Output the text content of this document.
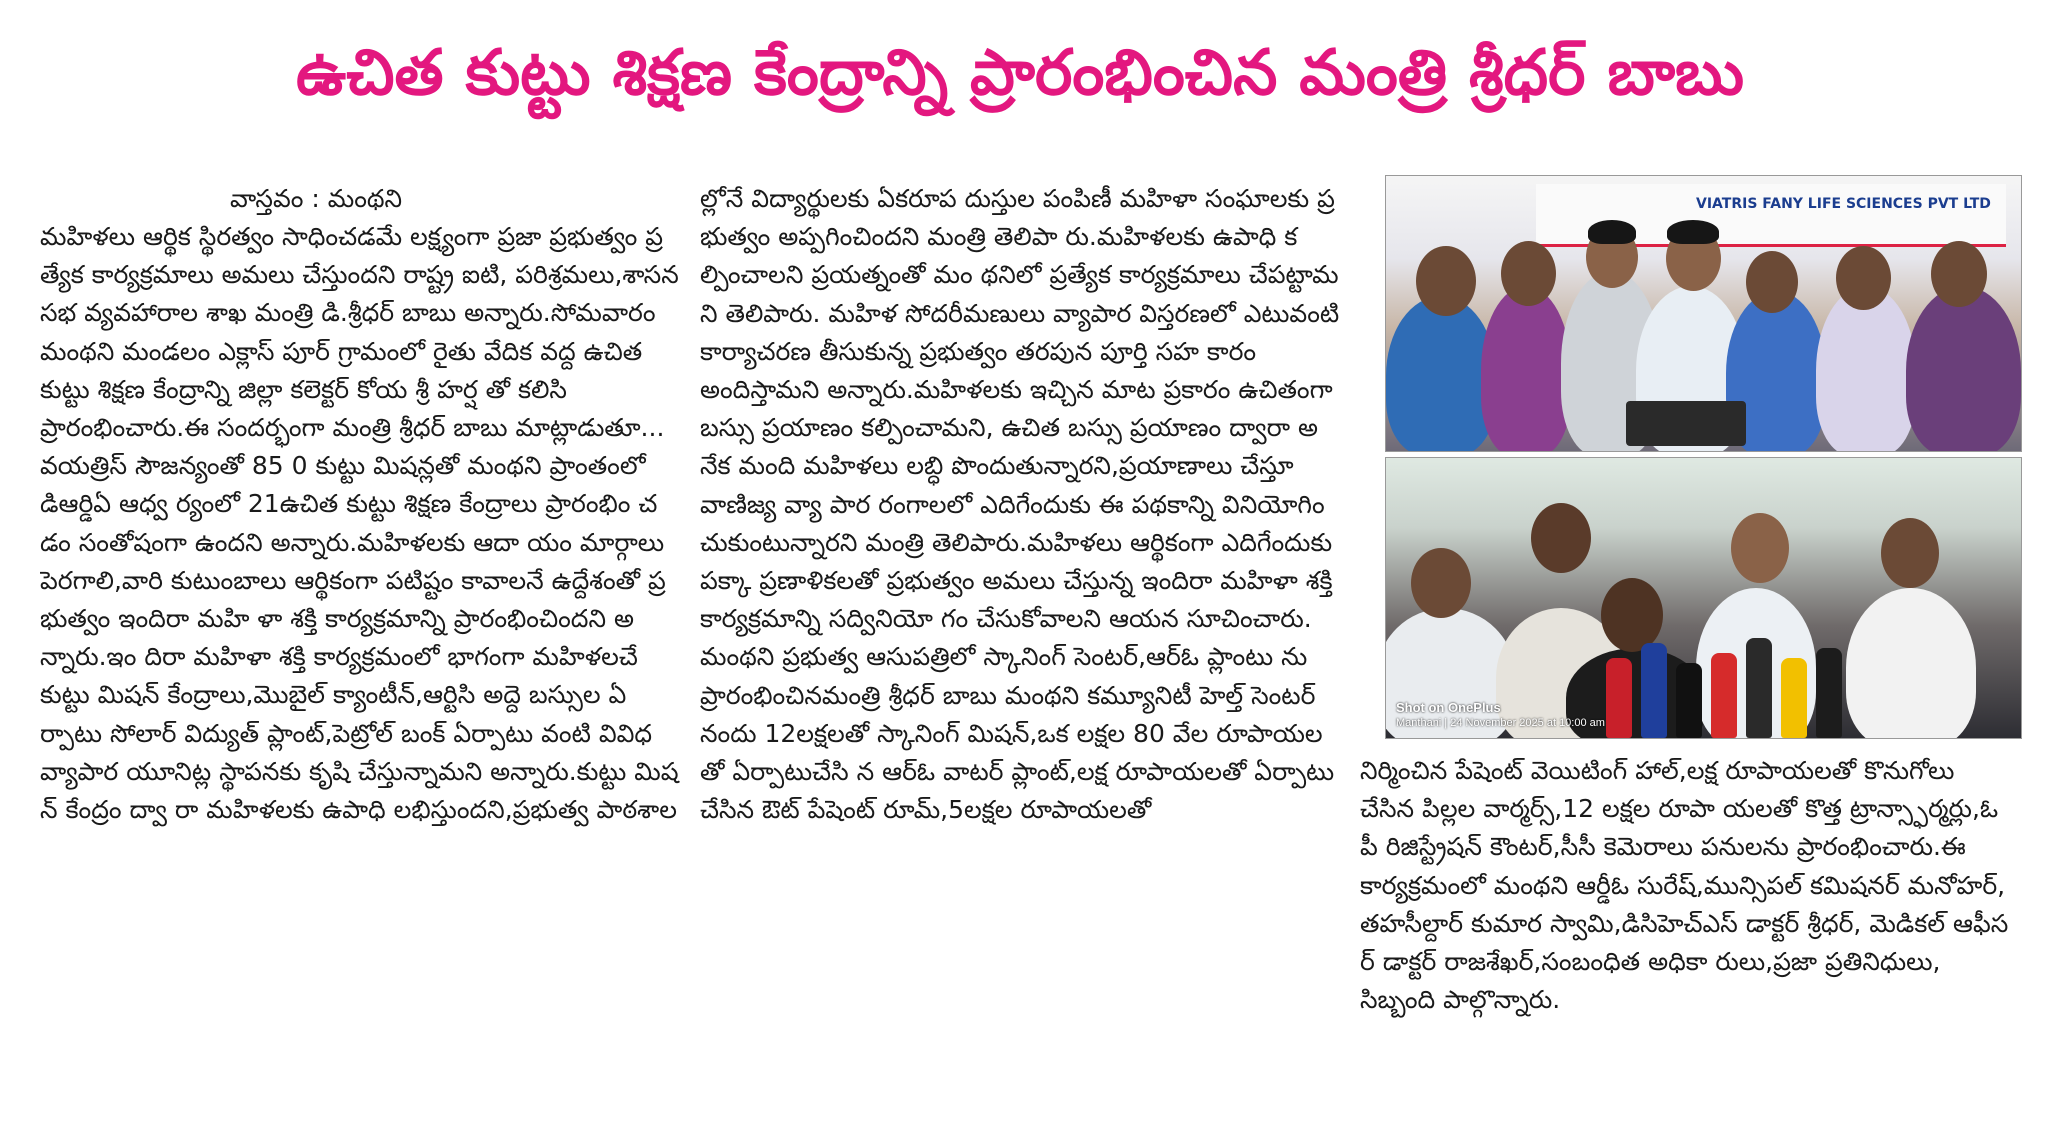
ఉచిత కుట్టు శిక్షణ కేంద్రాన్ని ప్రారంభించిన మంత్రి శ్రీధర్ బాబు
వాస్తవం : మంథని

మహిళలు ఆర్థిక స్థిరత్వం సాధించడమే లక్ష్యంగా ప్రజా ప్రభుత్వం ప్రత్యేక కార్యక్రమాలు అమలు చేస్తుందని రాష్ట్ర ఐటి, పరిశ్రమలు,శాసన సభ వ్యవహారాల శాఖ మంత్రి డి.శ్రీధర్ బాబు అన్నారు.సోమవారం మంథని మండలం ఎక్లాస్ పూర్ గ్రామంలో రైతు వేదిక వద్ద ఉచిత కుట్టు శిక్షణ కేంద్రాన్ని జిల్లా కలెక్టర్ కోయ శ్రీ హర్ష తో కలిసి ప్రారంభించారు.ఈ సందర్భంగా మంత్రి శ్రీధర్ బాబు మాట్లాడుతూ...వయత్రిస్ సౌజన్యంతో 85 0 కుట్టు మిషన్లతో మంథని ప్రాంతంలో డిఆర్డిఏ ఆధ్వ ర్యంలో 21ఉచిత కుట్టు శిక్షణ కేంద్రాలు ప్రారంభిం చడం సంతోషంగా ఉందని అన్నారు.మహిళలకు ఆదా యం మార్గాలు పెరగాలి,వారి కుటుంబాలు ఆర్థికంగా పటిష్టం కావాలనే ఉద్దేశంతో ప్రభుత్వం ఇందిరా మహి ళా శక్తి కార్యక్రమాన్ని ప్రారంభించిందని అన్నారు.ఇం దిరా మహిళా శక్తి కార్యక్రమంలో భాగంగా మహిళలచే కుట్టు మిషన్ కేంద్రాలు,మొబైల్ క్యాంటీన్,ఆర్టిసి అద్దె బస్సుల ఏర్పాటు సోలార్ విద్యుత్ ప్లాంట్,పెట్రోల్ బంక్ ఏర్పాటు వంటి వివిధ వ్యాపార యూనిట్ల స్థాపనకు కృషి చేస్తున్నామని అన్నారు.కుట్టు మిషన్ కేంద్రం ద్వా రా మహిళలకు ఉపాధి లభిస్తుందని,ప్రభుత్వ పాఠశాల

ల్లోనే విద్యార్థులకు ఏకరూప దుస్తుల పంపిణీ మహిళా సంఘాలకు ప్రభుత్వం అప్పగించిందని మంత్రి తెలిపా రు.మహిళలకు ఉపాధి కల్పించాలని ప్రయత్నంతో మం థనిలో ప్రత్యేక కార్యక్రమాలు చేపట్టామని తెలిపారు. మహిళ సోదరీమణులు వ్యాపార విస్తరణలో ఎటువంటి కార్యాచరణ తీసుకున్న ప్రభుత్వం తరపున పూర్తి సహ కారం అందిస్తామని అన్నారు.మహిళలకు ఇచ్చిన మాట ప్రకారం ఉచితంగా బస్సు ప్రయాణం కల్పించామని, ఉచిత బస్సు ప్రయాణం ద్వారా అనేక మంది మహిళలు లబ్ధి పొందుతున్నారని,ప్రయాణాలు చేస్తూ వాణిజ్య వ్యా పార రంగాలలో ఎదిగేందుకు ఈ పథకాన్ని వినియోగిం చుకుంటున్నారని మంత్రి తెలిపారు.మహిళలు ఆర్థికంగా ఎదిగేందుకు పక్కా ప్రణాళికలతో ప్రభుత్వం అమలు చేస్తున్న ఇందిరా మహిళా శక్తి కార్యక్రమాన్ని సద్వినియో గం చేసుకోవాలని ఆయన సూచించారు.మంథని ప్రభుత్వ ఆసుపత్రిలో స్కానింగ్ సెంటర్,ఆర్ఓ ప్లాంటు ను ప్రారంభించినమంత్రి శ్రీధర్ బాబు మంథని కమ్యూనిటీ హెల్త్ సెంటర్ నందు 12లక్షలతో స్కానింగ్ మిషన్,ఒక లక్షల 80 వేల రూపాయలతో ఏర్పాటుచేసి న ఆర్ఓ వాటర్ ప్లాంట్,లక్ష రూపాయలతో ఏర్పాటు చేసిన ఔట్ పేషెంట్ రూమ్,5లక్షల రూపాయలతో

నిర్మించిన పేషెంట్ వెయిటింగ్ హాల్,లక్ష రూపాయలతో కొనుగోలు చేసిన పిల్లల వార్మర్స్,12 లక్షల రూపా యలతో కొత్త ట్రాన్స్ఫార్మర్లు,ఓపీ రిజిస్ట్రేషన్ కౌంటర్,సీసీ కెమెరాలు పనులను ప్రారంభించారు.ఈ కార్యక్రమంలో మంథని ఆర్డీఓ సురేష్,మున్సిపల్ కమిషనర్ మనోహర్, తహసీల్దార్ కుమార స్వామి,డిసిహెచ్ఎస్ డాక్టర్ శ్రీధర్, మెడికల్ ఆఫీసర్ డాక్టర్ రాజశేఖర్,సంబంధిత అధికా రులు,ప్రజా ప్రతినిధులు,సిబ్బంది పాల్గొన్నారు.

VIATRIS FANY LIFE SCIENCES PVT LTD
Shot on OnePlus
Manthani | 24 November 2025 at 10:00 am
